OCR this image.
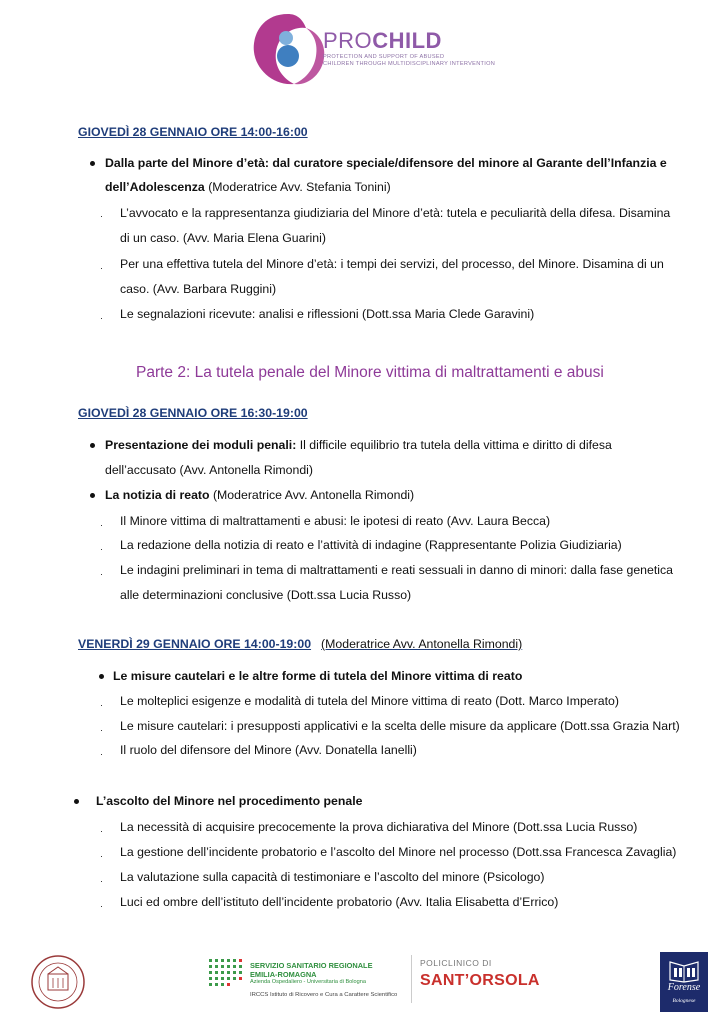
PROCHILD
PROTECTION AND SUPPORT OF ABUSED
CHILDREN THROUGH MULTIDISCIPLINARY INTERVENTION
GIOVEDÌ 28 GENNAIO ORE 14:00-16:00
Dalla parte del Minore d’età: dal curatore speciale/difensore del minore al Garante dell’Infanzia e
dell’Adolescenza (Moderatrice Avv. Stefania Tonini)
· L’avvocato e la rappresentanza giudiziaria del Minore d’età: tutela e peculiarità della difesa. Disamina
di un caso. (Avv. Maria Elena Guarini)
· Per una effettiva tutela del Minore d’età: i tempi dei servizi, del processo, del Minore. Disamina di un
caso. (Avv. Barbara Ruggini)
· Le segnalazioni ricevute: analisi e riflessioni (Dott.ssa Maria Clede Garavini)
Parte 2: La tutela penale del Minore vittima di maltrattamenti e abusi
GIOVEDÌ 28 GENNAIO ORE 16:30-19:00
Presentazione dei moduli penali: Il difficile equilibrio tra tutela della vittima e diritto di difesa
dell’accusato (Avv. Antonella Rimondi)
La notizia di reato (Moderatrice Avv. Antonella Rimondi)
· Il Minore vittima di maltrattamenti e abusi: le ipotesi di reato (Avv. Laura Becca)
· La redazione della notizia di reato e l’attività di indagine (Rappresentante Polizia Giudiziaria)
· Le indagini preliminari in tema di maltrattamenti e reati sessuali in danno di minori: dalla fase genetica
alle determinazioni conclusive (Dott.ssa Lucia Russo)
VENERDÌ 29 GENNAIO ORE 14:00-19:00 (Moderatrice Avv. Antonella Rimondi)
Le misure cautelari e le altre forme di tutela del Minore vittima di reato
· Le molteplici esigenze e modalità di tutela del Minore vittima di reato (Dott. Marco Imperato)
· Le misure cautelari: i presupposti applicativi e la scelta delle misure da applicare (Dott.ssa Grazia Nart)
· Il ruolo del difensore del Minore (Avv. Donatella Ianelli)
L’ascolto del Minore nel procedimento penale
· La necessità di acquisire precocemente la prova dichiarativa del Minore (Dott.ssa Lucia Russo)
· La gestione dell’incidente probatorio e l’ascolto del Minore nel processo (Dott.ssa Francesca Zavaglia)
· La valutazione sulla capacità di testimoniare e l’ascolto del minore (Psicologo)
· Luci ed ombre dell’istituto dell’incidente probatorio (Avv. Italia Elisabetta d’Errico)
SERVIZIO SANITARIO REGIONALE
EMILIA-ROMAGNA
Azienda Ospedaliero - Universitaria di Bologna
IRCCS Istituto di Ricovero e Cura a Carattere Scientifico
POLICLINICO DI
SANT’ORSOLA	Forense
Bolognese
